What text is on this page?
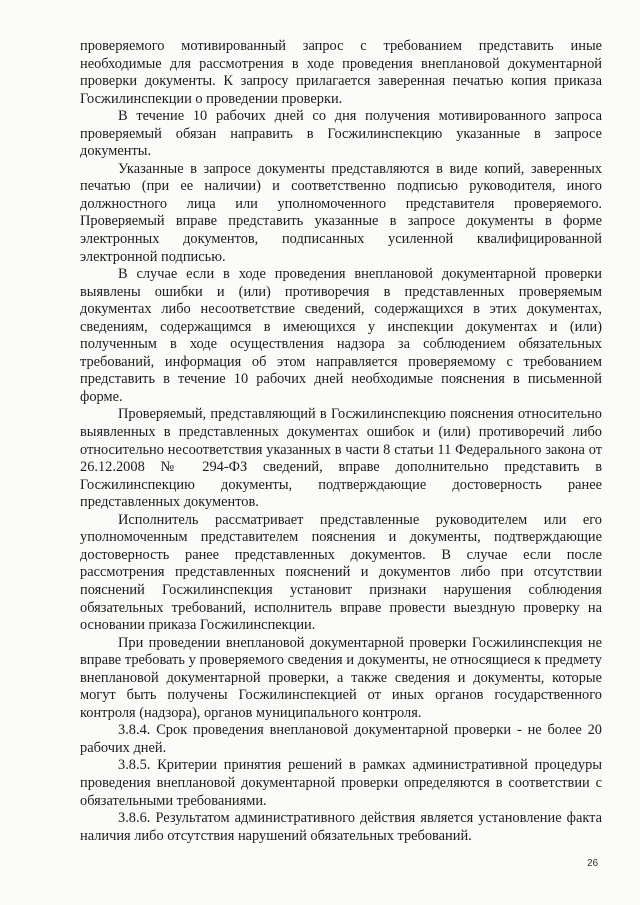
проверяемого мотивированный запрос с требованием представить иные необходимые для рассмотрения в ходе проведения внеплановой документарной проверки документы. К запросу прилагается заверенная печатью копия приказа Госжилинспекции о проведении проверки.

В течение 10 рабочих дней со дня получения мотивированного запроса проверяемый обязан направить в Госжилинспекцию указанные в запросе документы.

Указанные в запросе документы представляются в виде копий, заверенных печатью (при ее наличии) и соответственно подписью руководителя, иного должностного лица или уполномоченного представителя проверяемого. Проверяемый вправе представить указанные в запросе документы в форме электронных документов, подписанных усиленной квалифицированной электронной подписью.

В случае если в ходе проведения внеплановой документарной проверки выявлены ошибки и (или) противоречия в представленных проверяемым документах либо несоответствие сведений, содержащихся в этих документах, сведениям, содержащимся в имеющихся у инспекции документах и (или) полученным в ходе осуществления надзора за соблюдением обязательных требований, информация об этом направляется проверяемому с требованием представить в течение 10 рабочих дней необходимые пояснения в письменной форме.

Проверяемый, представляющий в Госжилинспекцию пояснения относительно выявленных в представленных документах ошибок и (или) противоречий либо относительно несоответствия указанных в части 8 статьи 11 Федерального закона от 26.12.2008 № 294-ФЗ сведений, вправе дополнительно представить в Госжилинспекцию документы, подтверждающие достоверность ранее представленных документов.

Исполнитель рассматривает представленные руководителем или его уполномоченным представителем пояснения и документы, подтверждающие достоверность ранее представленных документов. В случае если после рассмотрения представленных пояснений и документов либо при отсутствии пояснений Госжилинспекция установит признаки нарушения соблюдения обязательных требований, исполнитель вправе провести выездную проверку на основании приказа Госжилинспекции.

При проведении внеплановой документарной проверки Госжилинспекция не вправе требовать у проверяемого сведения и документы, не относящиеся к предмету внеплановой документарной проверки, а также сведения и документы, которые могут быть получены Госжилинспекцией от иных органов государственного контроля (надзора), органов муниципального контроля.

3.8.4. Срок проведения внеплановой документарной проверки - не более 20 рабочих дней.

3.8.5. Критерии принятия решений в рамках административной процедуры проведения внеплановой документарной проверки определяются в соответствии с обязательными требованиями.

3.8.6. Результатом административного действия является установление факта наличия либо отсутствия нарушений обязательных требований.

26
